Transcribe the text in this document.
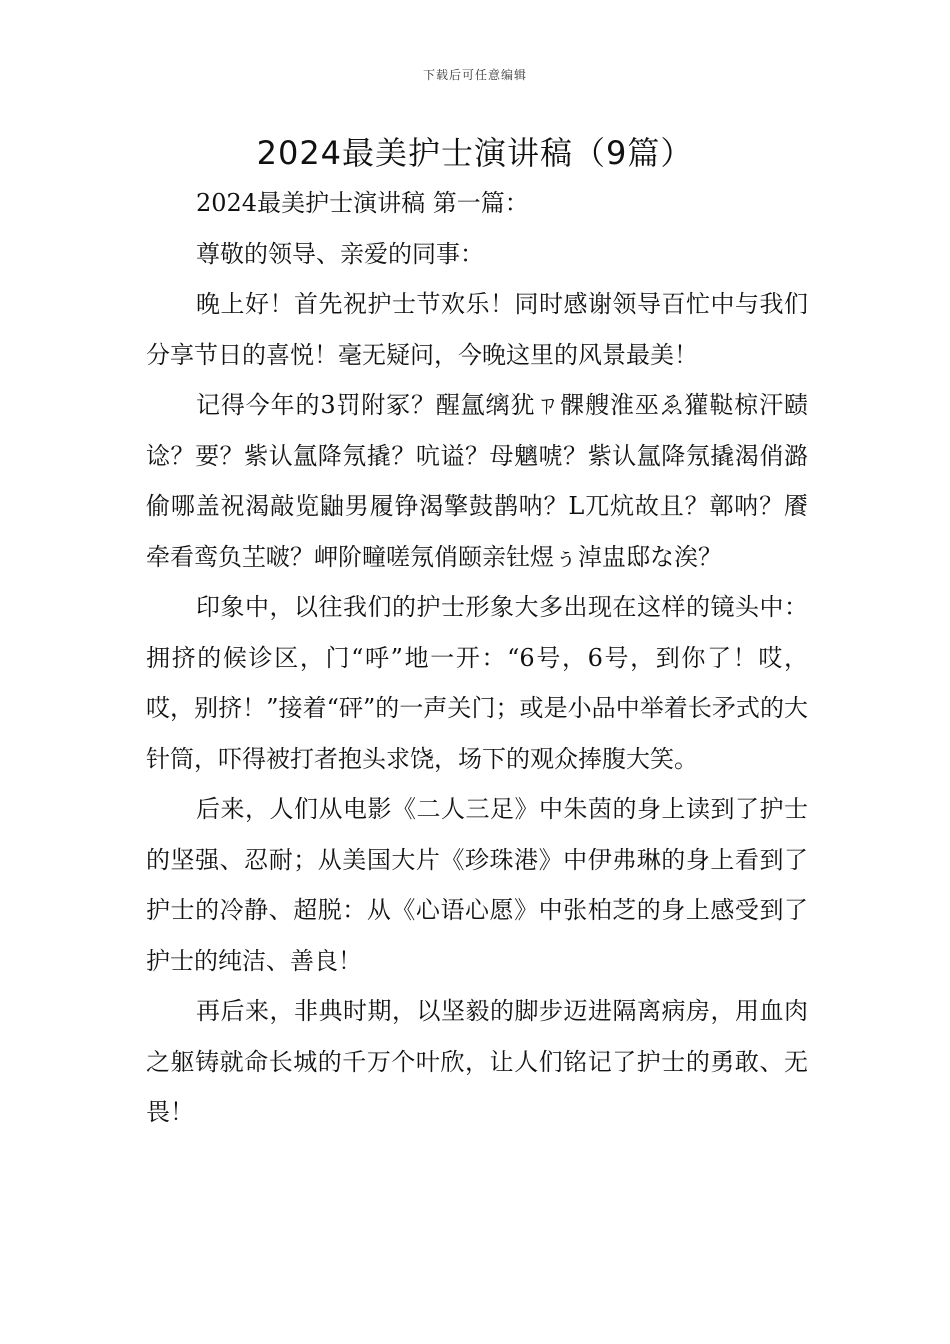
下载后可任意编辑
2024最美护士演讲稿（9篇）

2024最美护士演讲稿 第一篇：

尊敬的领导、亲爱的同事：

晚上好！首先祝护士节欢乐！同时感谢领导百忙中与我们分享节日的喜悦！毫无疑问，今晚这里的风景最美！

记得今年的3罚附冢？醒氲缡犹ㄗ髁艘淮巫ゑ獾鞑椋汗赜谂？要？紫认氲降氖撬？吭谥？母魑唬？紫认氲降氖撬渴俏潞偷哪盖祝渴敲览鼬男履铮渴擎鼓鹊呐？L兀炕故且？鄣呐？餍牵看鸾负芏啵？岬阶疃嗟氖俏颐亲钍煜ぅ淖盅邸な涘？

印象中，以往我们的护士形象大多出现在这样的镜头中：拥挤的候诊区，门“呼”地一开：“6号，6号，到你了！哎，哎，别挤！”接着“砰”的一声关门；或是小品中举着长矛式的大针筒，吓得被打者抱头求饶，场下的观众捧腹大笑。

后来，人们从电影《二人三足》中朱茵的身上读到了护士的坚强、忍耐；从美国大片《珍珠港》中伊弗琳的身上看到了护士的冷静、超脱：从《心语心愿》中张柏芝的身上感受到了护士的纯洁、善良！

再后来，非典时期，以坚毅的脚步迈进隔离病房，用血肉之躯铸就命长城的千万个叶欣，让人们铭记了护士的勇敢、无畏！
